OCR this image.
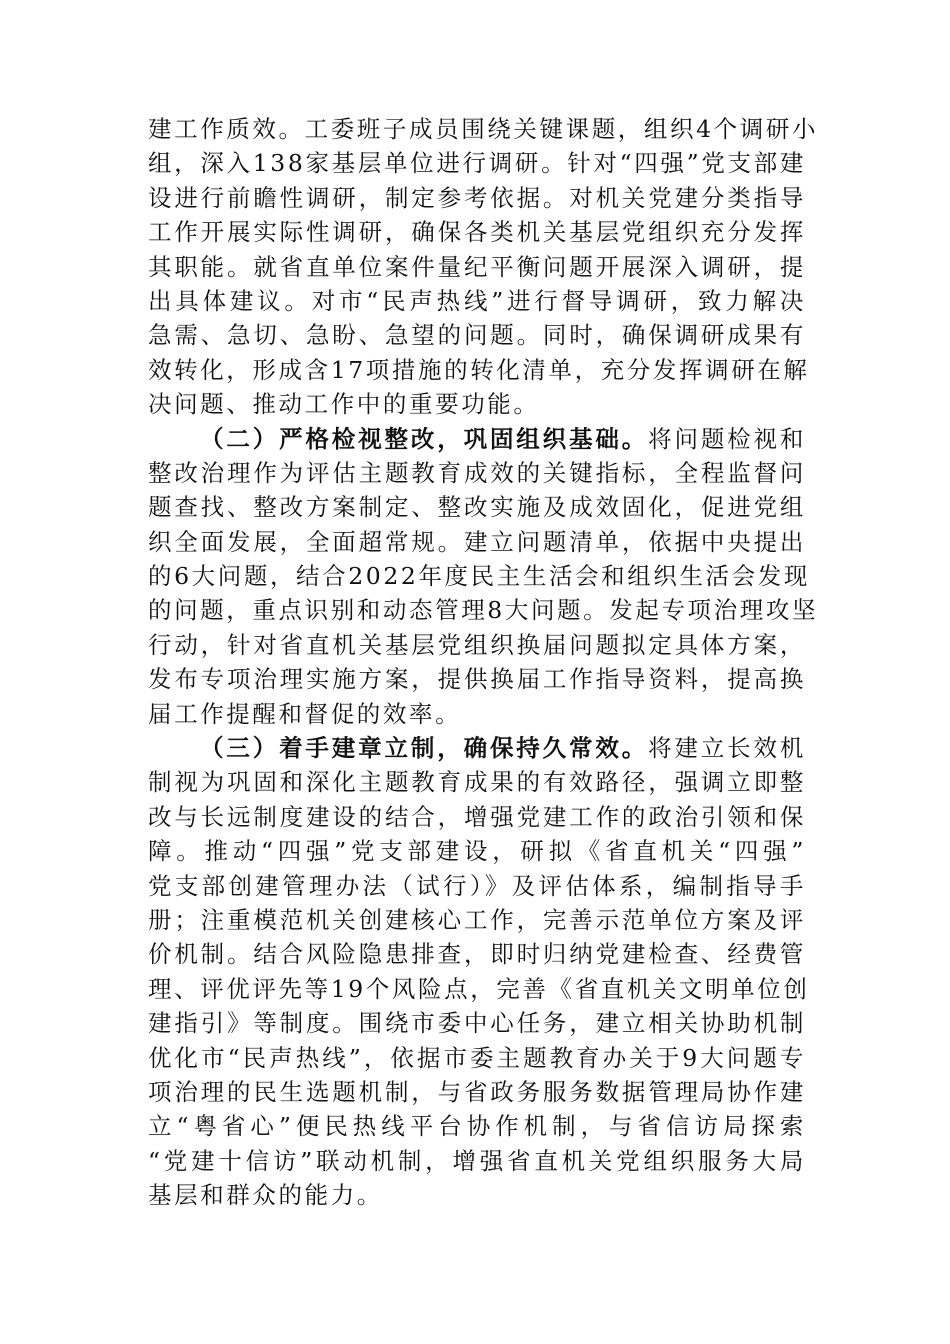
建工作质效。工委班子成员围绕关键课题，组织4个调研小
组，深入138家基层单位进行调研。针对“四强”党支部建
设进行前瞻性调研，制定参考依据。对机关党建分类指导
工作开展实际性调研，确保各类机关基层党组织充分发挥
其职能。就省直单位案件量纪平衡问题开展深入调研，提
出具体建议。对市“民声热线”进行督导调研，致力解决
急需、急切、急盼、急望的问题。同时，确保调研成果有
效转化，形成含17项措施的转化清单，充分发挥调研在解
决问题、推动工作中的重要功能。
（二）严格检视整改，巩固组织基础。将问题检视和
整改治理作为评估主题教育成效的关键指标，全程监督问
题查找、整改方案制定、整改实施及成效固化，促进党组
织全面发展，全面超常规。建立问题清单，依据中央提出
的6大问题，结合2022年度民主生活会和组织生活会发现
的问题，重点识别和动态管理8大问题。发起专项治理攻坚
行动，针对省直机关基层党组织换届问题拟定具体方案，
发布专项治理实施方案，提供换届工作指导资料，提高换
届工作提醒和督促的效率。
（三）着手建章立制，确保持久常效。将建立长效机
制视为巩固和深化主题教育成果的有效路径，强调立即整
改与长远制度建设的结合，增强党建工作的政治引领和保
障。推动“四强”党支部建设，研拟《省直机关“四强”
党支部创建管理办法（试行）》及评估体系，编制指导手
册；注重模范机关创建核心工作，完善示范单位方案及评
价机制。结合风险隐患排查，即时归纳党建检查、经费管
理、评优评先等19个风险点，完善《省直机关文明单位创
建指引》等制度。围绕市委中心任务，建立相关协助机制
优化市“民声热线”，依据市委主题教育办关于9大问题专
项治理的民生选题机制，与省政务服务数据管理局协作建
立“粤省心”便民热线平台协作机制，与省信访局探索
“党建十信访”联动机制，增强省直机关党组织服务大局
基层和群众的能力。
